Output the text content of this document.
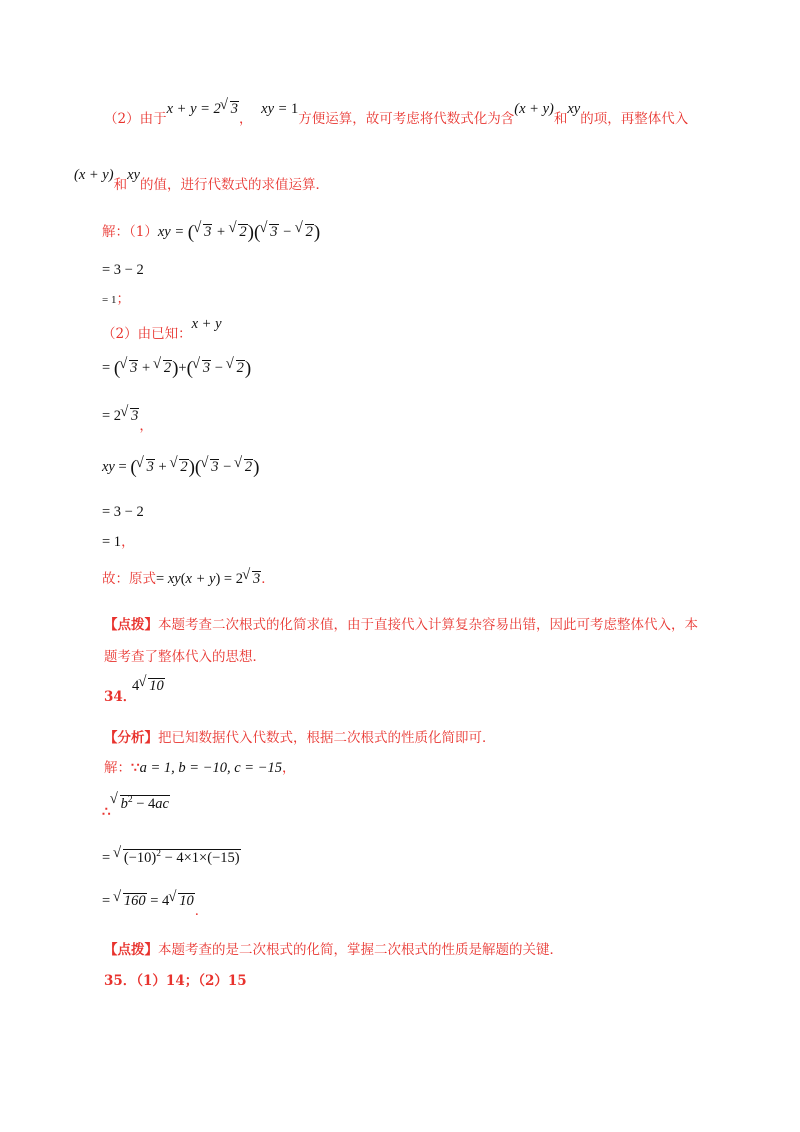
（2）由于x + y = 2 √ 3，  xy = 1方便运算，故可考虑将代数式化为含(x + y)和xy的项，再整体代入
(x + y)和xy的值，进行代数式的求值运算．
解：（1）xy = ( √ 3 + √ 2)( √ 3 − √ 2)
= 3 − 2
= 1；
（2）由已知：x + y
= ( √ 3 + √ 2)+( √ 3 − √ 2)
= 2 √ 3，
xy = ( √ 3 + √ 2)( √ 3 − √ 2)
= 3 − 2
= 1，
故：原式= xy(x + y) = 2 √ 3．
【点拨】本题考查二次根式的化简求值，由于直接代入计算复杂容易出错，因此可考虑整体代入，本
题考查了整体代入的思想．
34．
4 √ 10
【分析】把已知数据代入代数式，根据二次根式的性质化简即可．
解：∵a = 1, b = −10, c = −15，
∴ √ $b^2 - 4ac$
= √ $(-10)^2 - 4\times 1\times(-15)$
= √ 160 = 4 √ 10．
【点拨】本题考查的是二次根式的化简，掌握二次根式的性质是解题的关键．
35．（1）14；（2）15
